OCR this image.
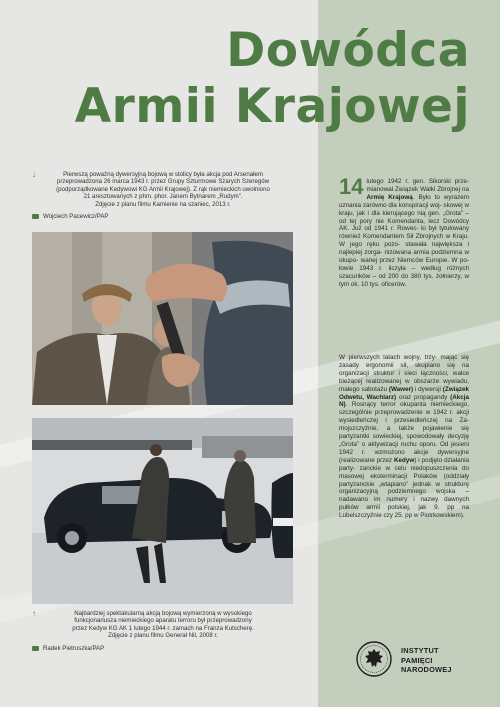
Dowódca
Armii Krajowej
↓	Pierwszą poważną dywersyjną bojową w stolicy była akcja pod Arsenałem
przeprowadzona 26 marca 1943 r. przez Grupy Szturmowe Szarych Szeregów
(podporządkowane Kedywowi KG Armii Krajowej). Z rąk niemieckich uwolniono
21 aresztowanych z phm. phor. Janem Bytnarem „Rudym”.
Zdjęcie z planu filmu Kamienie na szaniec, 2013 r.
Wojciech Pacewicz/PAP
↑	Najbardziej spektakularną akcją bojową wymierzoną w wysokiego
funkcjonariusza niemieckiego aparatu terroru był przeprowadzony
przez Kedyw KG AK 1 lutego 1944 r. zamach na Franza Kutscherę.
Zdjęcie z planu filmu Generał Nil, 2008 r.
Radek Pietruszka/PAP

14 lutego 1942 r. gen. Sikorski prze- mianował Związek Walki Zbrojnej na Armię Krajową. Było to wyrazem uznania zarówno dla konspiracji woj- skowej w kraju, jak i dla kierującego nią gen. „Grota” – od tej pory nie Komendanta, lecz Dowódcy AK. Już od 1941 r. Rowec- ki był tytułowany również Komendantem Sił Zbrojnych w Kraju. W jego ręku pozo- stawała największa i najlepiej zorga- nizowana armia podziemna w okupo- wanej przez Niemców Europie. W po- łowie 1943 r. liczyła – według różnych szacunków – od 200 do 380 tys. żołnierzy, w tym ok. 10 tys. oficerów.

W pierwszych latach wojny, trzy- mając się zasady ergonomii sił, skupiano się na organizacji struktur i sieci łączności, walce bieżącej realizowanej w obszarze wywiadu, małego sabotażu (Wawer) i dywersji (Związek Odwetu, Wachlarz) oraz propagandy (Akcja N). Rosnący terror okupanta niemieckiego, szczególnie przeprowadzenie w 1942 r. akcji wysiedleńczej i przesiedleńczej na Za- mojszczyźnie, a także pojawienie się partyzantki sowieckiej, spowodowały decyzję „Grota” o aktywizacji ruchu oporu. Od jesieni 1942 r. wzmożono akcje dywersyjne (realizowane przez Kedyw) i podjęto działania party- zanckie w celu niedopuszczenia do masowej eksterminacji Polaków (oddziały partyzanckie „wtapiano” jednak w strukturę organizacyjną podziemnego wojska – nadawano im numery i nazwy dawnych pułków armii polskiej, jak 9. pp na Lubelszczyźnie czy 25. pp w Piotrkowskiem).

INSTYTUT
PAMIĘCI
NARODOWEJ
